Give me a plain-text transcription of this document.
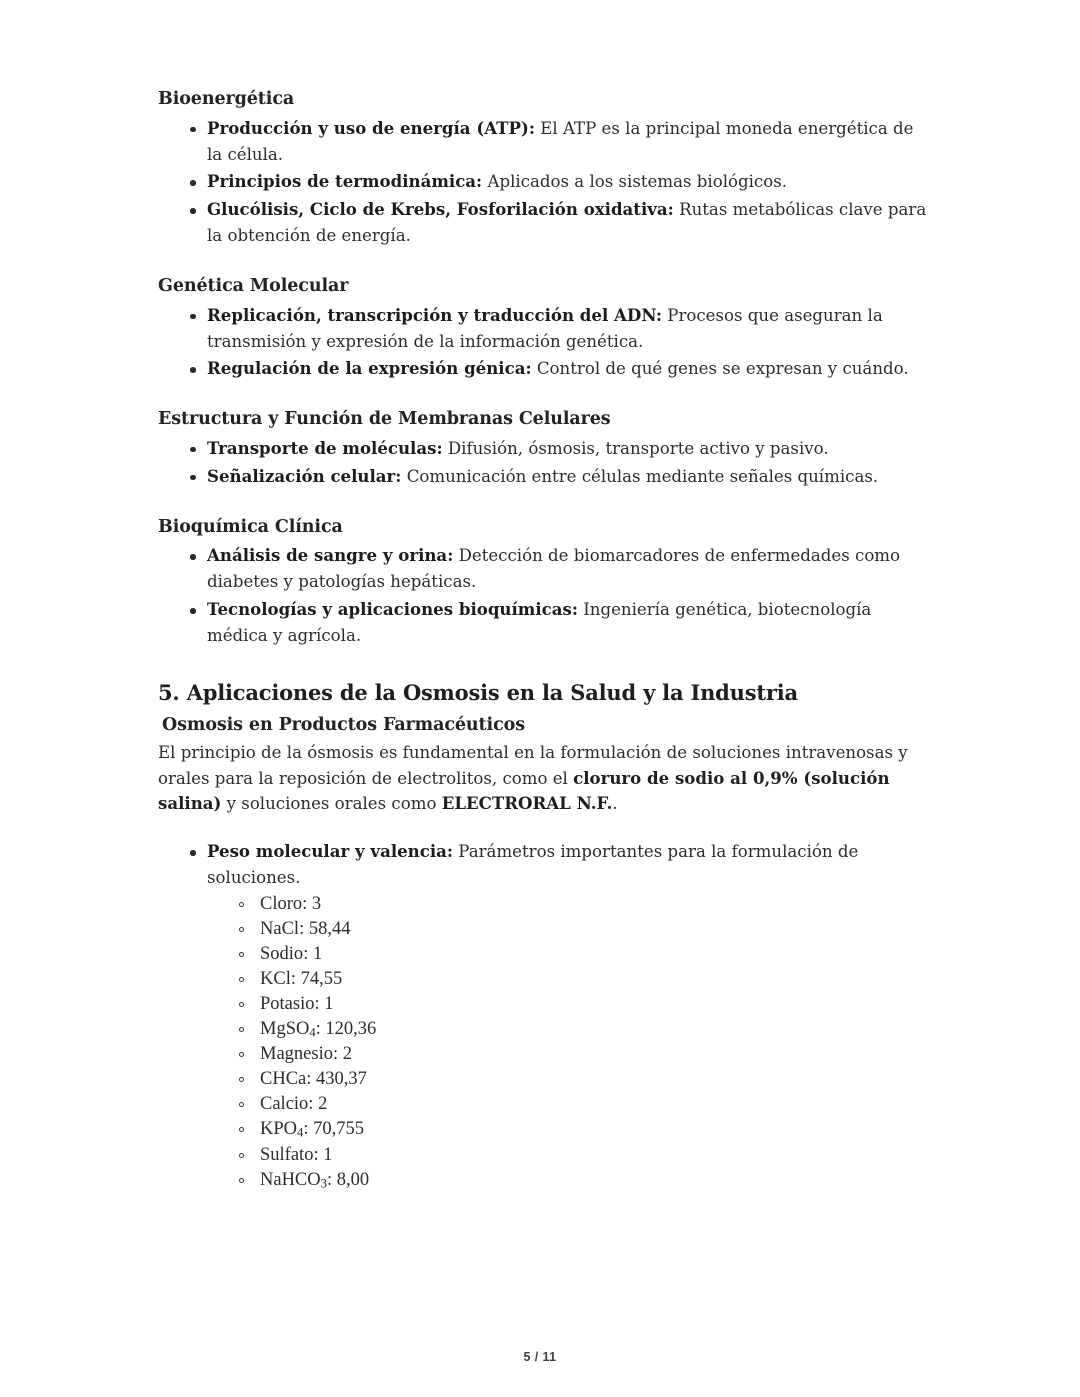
Bioenergética
Producción y uso de energía (ATP): El ATP es la principal moneda energética de la célula.
Principios de termodinámica: Aplicados a los sistemas biológicos.
Glucólisis, Ciclo de Krebs, Fosforilación oxidativa: Rutas metabólicas clave para la obtención de energía.
Genética Molecular
Replicación, transcripción y traducción del ADN: Procesos que aseguran la transmisión y expresión de la información genética.
Regulación de la expresión génica: Control de qué genes se expresan y cuándo.
Estructura y Función de Membranas Celulares
Transporte de moléculas: Difusión, ósmosis, transporte activo y pasivo.
Señalización celular: Comunicación entre células mediante señales químicas.
Bioquímica Clínica
Análisis de sangre y orina: Detección de biomarcadores de enfermedades como diabetes y patologías hepáticas.
Tecnologías y aplicaciones bioquímicas: Ingeniería genética, biotecnología médica y agrícola.
5. Aplicaciones de la Osmosis en la Salud y la Industria
Osmosis en Productos Farmacéuticos

El principio de la ósmosis es fundamental en la formulación de soluciones intravenosas y orales para la reposición de electrolitos, como el cloruro de sodio al 0,9% (solución salina) y soluciones orales como ELECTRORAL N.F..

Peso molecular y valencia: Parámetros importantes para la formulación de soluciones.
Cloro: 3
NaCl: 58,44
Sodio: 1
KCl: 74,55
Potasio: 1
MgSO$_4$: 120,36
Magnesio: 2
CHCa: 430,37
Calcio: 2
$KPO_4$: 70,755
Sulfato: 1
NaHCO$_3$: 8,00
5 / 11
